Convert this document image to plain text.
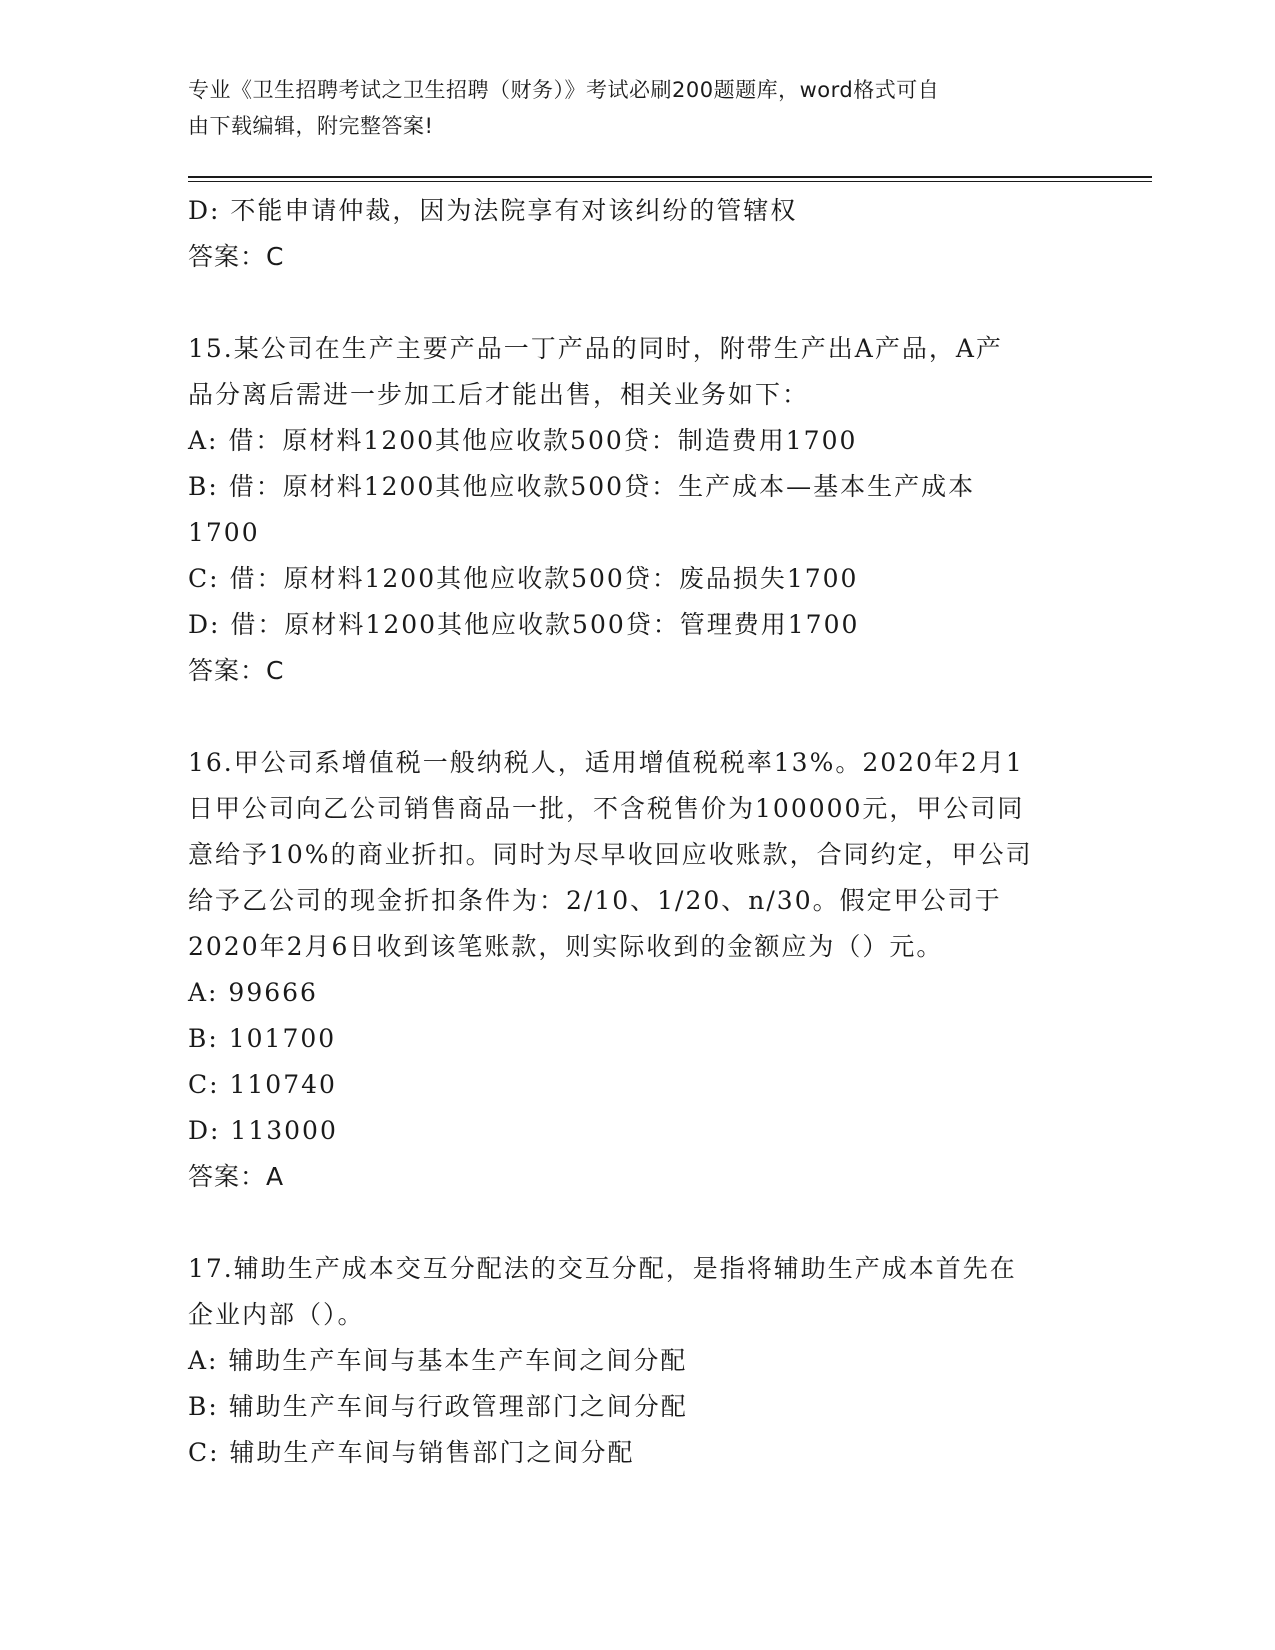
专业《卫生招聘考试之卫生招聘（财务）》考试必刷200题题库，word格式可自
由下载编辑，附完整答案!
D: 不能申请仲裁，因为法院享有对该纠纷的管辖权
答案：C
15.某公司在生产主要产品一丁产品的同时，附带生产出A产品，A产
品分离后需进一步加工后才能出售，相关业务如下：
A: 借：原材料1200其他应收款500贷：制造费用1700
B: 借：原材料1200其他应收款500贷：生产成本—基本生产成本
1700
C: 借：原材料1200其他应收款500贷：废品损失1700
D: 借：原材料1200其他应收款500贷：管理费用1700
答案：C
16.甲公司系增值税一般纳税人，适用增值税税率13%。2020年2月1
日甲公司向乙公司销售商品一批，不含税售价为100000元，甲公司同
意给予10%的商业折扣。同时为尽早收回应收账款，合同约定，甲公司
给予乙公司的现金折扣条件为：2/10、1/20、n/30。假定甲公司于
2020年2月6日收到该笔账款，则实际收到的金额应为（）元。
A: 99666
B: 101700
C: 110740
D: 113000
答案：A
17.辅助生产成本交互分配法的交互分配，是指将辅助生产成本首先在
企业内部（）。
A: 辅助生产车间与基本生产车间之间分配
B: 辅助生产车间与行政管理部门之间分配
C: 辅助生产车间与销售部门之间分配
